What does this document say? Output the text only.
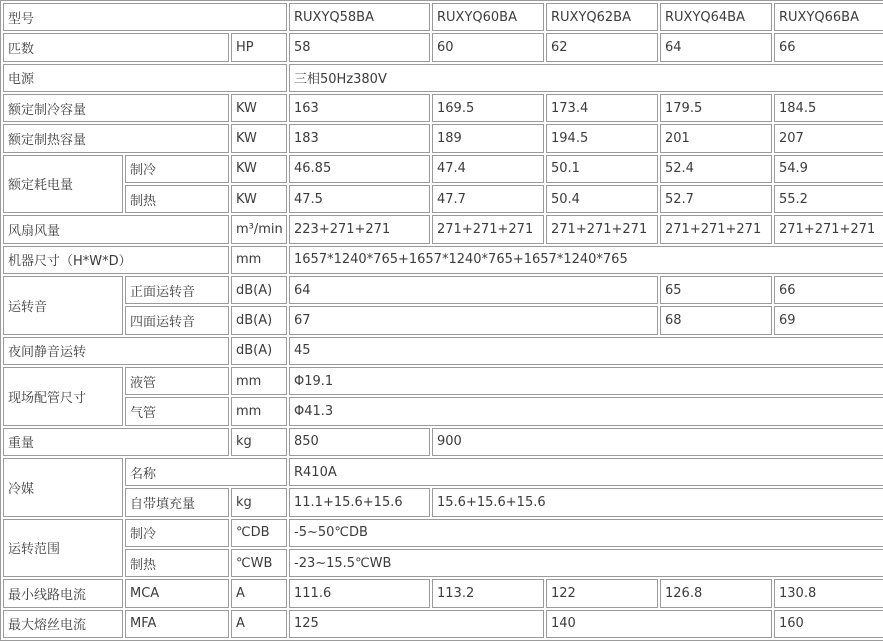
型号			RUXYQ58BA	RUXYQ60BA	RUXYQ62BA	RUXYQ64BA	RUXYQ66BA
匹数		HP	58	60	62	64	66
电源			三相50Hz380V				
额定制冷容量		KW	163	169.5	173.4	179.5	184.5
额定制热容量		KW	183	189	194.5	201	207
额定耗电量	制冷	KW	46.85	47.4	50.1	52.4	54.9
	制热	KW	47.5	47.7	50.4	52.7	55.2
风扇风量		m³/min	223+271+271	271+271+271	271+271+271	271+271+271	271+271+271
机器尺寸（H*W*D）		mm	1657*1240*765+1657*1240*765+1657*1240*765				
运转音	正面运转音	dB(A)	64			65	66
	四面运转音	dB(A)	67			68	69
夜间静音运转		dB(A)	45				
现场配管尺寸	液管	mm	Φ19.1				
	气管	mm	Φ41.3				
重量		kg	850	900			
冷媒	名称		R410A				
	自带填充量	kg	11.1+15.6+15.6	15.6+15.6+15.6			
运转范围	制冷	℃DB	-5~50℃DB				
	制热	℃WB	-23~15.5℃WB				
最小线路电流	MCA	A	111.6	113.2	122	126.8	130.8
最大熔丝电流	MFA	A	125		140		160
